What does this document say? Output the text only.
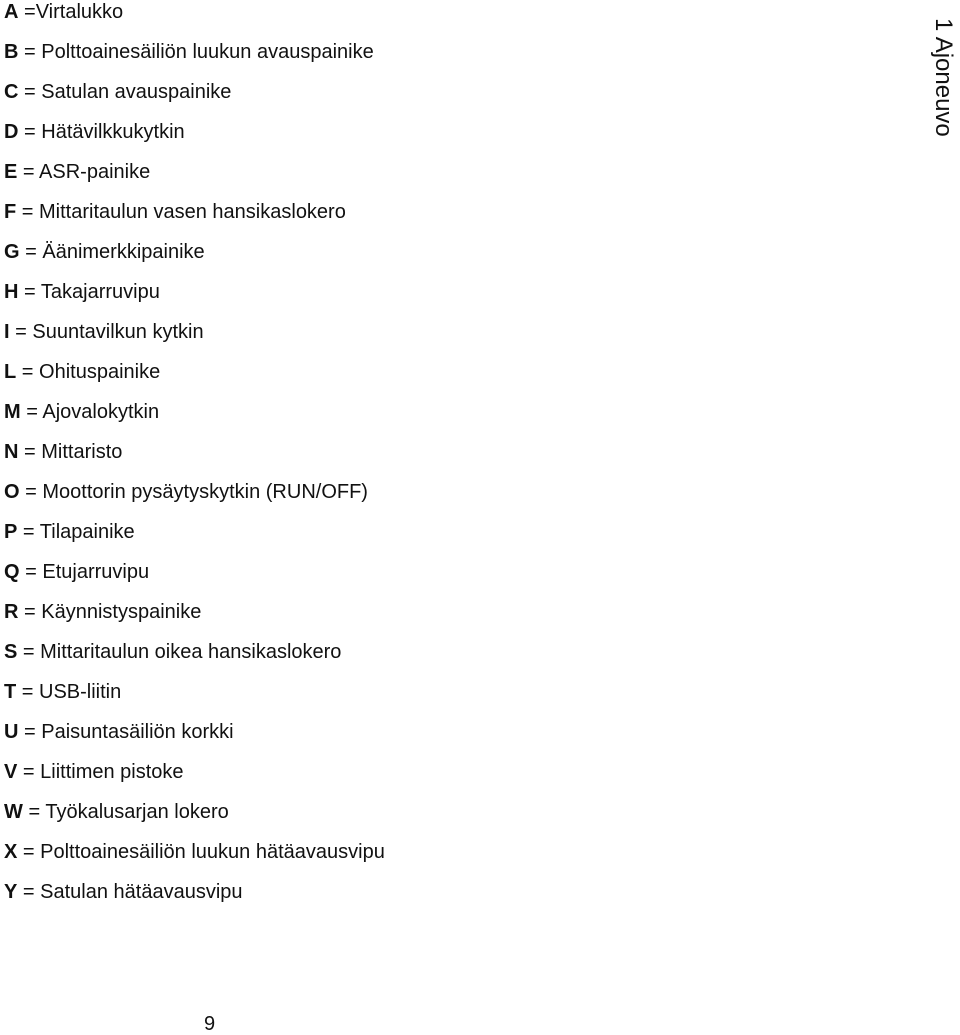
A =Virtalukko
B = Polttoainesäiliön luukun avauspainike
C = Satulan avauspainike
D = Hätävilkkukytkin
E = ASR-painike
F = Mittaritaulun vasen hansikaslokero
G = Äänimerkkipainike
H = Takajarruvipu
I = Suuntavilkun kytkin
L = Ohituspainike
M = Ajovalokytkin
N = Mittaristo
O = Moottorin pysäytyskytkin (RUN/OFF)
P = Tilapainike
Q = Etujarruvipu
R = Käynnistyspainike
S = Mittaritaulun oikea hansikaslokero
T = USB-liitin
U = Paisuntasäiliön korkki
V = Liittimen pistoke
W = Työkalusarjan lokero
X = Polttoainesäiliön luukun hätäavausvipu
Y = Satulan hätäavausvipu
1 Ajoneuvo
9
